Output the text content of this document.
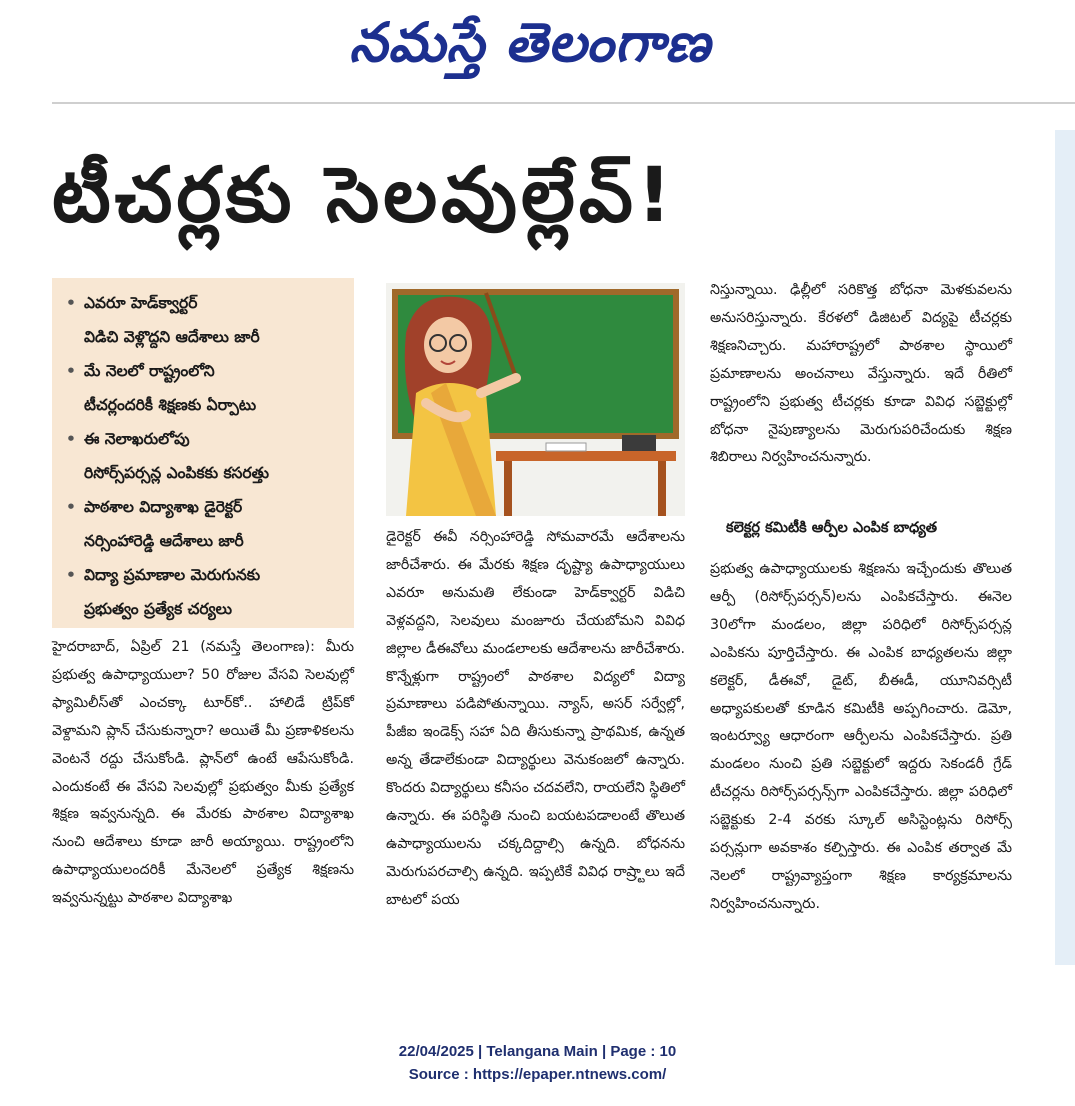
నమస్తే తెలంగాణ
టీచర్లకు సెలవుల్లేవ్‌!
• ఎవరూ హెడ్‌క్వార్టర్‌
విడిచి వెళ్లొద్దని ఆదేశాలు జారీ
• మే నెలలో రాష్ట్రంలోని
టీచర్లందరికీ శిక్షణకు ఏర్పాటు
• ఈ నెలాఖరులోపు
రిసోర్స్‌పర్సన్ల ఎంపికకు కసరత్తు
• పాఠశాల విద్యాశాఖ డైరెక్టర్‌
నర్సింహారెడ్డి ఆదేశాలు జారీ
• విద్యా ప్రమాణాల మెరుగునకు
ప్రభుత్వం ప్రత్యేక చర్యలు

హైదరాబాద్‌, ఏప్రిల్‌ 21 (నమస్తే తెలంగాణ): మీరు ప్రభుత్వ ఉపాధ్యాయులా? 50 రోజుల వేసవి సెలవుల్లో ఫ్యామిలీస్‌తో ఎంచక్కా టూర్‌కో.. హాలిడే ట్రిప్‌కో వెళ్దామని ప్లాన్‌ చేసుకున్నారా? అయితే మీ ప్రణాళికలను వెంటనే రద్దు చేసుకోండి. ప్లాన్‌లో ఉంటే ఆపేసుకోండి. ఎందుకంటే ఈ వేసవి సెలవుల్లో ప్రభుత్వం మీకు ప్రత్యేక శిక్షణ ఇవ్వనున్నది. ఈ మేరకు పాఠశాల విద్యాశాఖ నుంచి ఆదేశాలు కూడా జారీ అయ్యాయి. రాష్ట్రంలోని ఉపాధ్యాయులందరికీ మేనెలలో ప్రత్యేక శిక్షణను ఇవ్వనున్నట్టు పాఠశాల విద్యాశాఖ

డైరెక్టర్‌ ఈవీ నర్సింహారెడ్డి సోమవారమే ఆదేశాలను జారీచేశారు. ఈ మేరకు శిక్షణ దృష్ట్యా ఉపాధ్యాయులు ఎవరూ అనుమతి లేకుండా హెడ్‌క్వార్టర్‌ విడిచి వెళ్లవద్దని, సెలవులు మంజూరు చేయబోమని వివిధ జిల్లాల డీఈవోలు మండలాలకు ఆదేశాలను జారీచేశారు. కొన్నేళ్లుగా రాష్ట్రంలో పాఠశాల విద్యలో విద్యా ప్రమాణాలు పడిపోతున్నాయి. న్యాస్‌, అసర్‌ సర్వేల్లో, పీజీఐ ఇండెక్స్‌ సహా ఏది తీసుకున్నా ప్రాథమిక, ఉన్నత అన్న తేడాలేకుండా విద్యార్థులు వెనుకంజలో ఉన్నారు. కొందరు విద్యార్థులు కనీసం చదవలేని, రాయలేని స్థితిలో ఉన్నారు. ఈ పరిస్థితి నుంచి బయటపడాలంటే తొలుత ఉపాధ్యాయులను చక్కదిద్దాల్సి ఉన్నది. బోధనను మెరుగుపరచాల్సి ఉన్నది. ఇప్పటికే వివిధ రాష్ర్టాలు ఇదే బాటలో పయ

నిస్తున్నాయి. ఢిల్లీలో సరికొత్త బోధనా మెళకువలను అనుసరిస్తున్నారు. కేరళలో డిజిటల్‌ విద్యపై టీచర్లకు శిక్షణనిచ్చారు. మహారాష్ట్రలో పాఠశాల స్థాయిలో ప్రమాణాలను అంచనాలు వేస్తున్నారు. ఇదే రీతిలో రాష్ట్రంలోని ప్రభుత్వ టీచర్లకు కూడా వివిధ సబ్జెక్టుల్లో బోధనా నైపుణ్యాలను మెరుగుపరిచేందుకు శిక్షణ శిబిరాలు నిర్వహించనున్నారు.

కలెక్టర్ల కమిటీకి ఆర్పీల ఎంపిక బాధ్యత

ప్రభుత్వ ఉపాధ్యాయులకు శిక్షణను ఇచ్చేందుకు తొలుత ఆర్పీ (రిసోర్స్‌పర్సన్‌)లను ఎంపికచేస్తారు. ఈనెల 30లోగా మండలం, జిల్లా పరిధిలో రిసోర్స్‌పర్సన్ల ఎంపికను పూర్తిచేస్తారు. ఈ ఎంపిక బాధ్యతలను జిల్లా కలెక్టర్‌, డీఈవో, డైట్‌, బీఈడీ, యూనివర్సిటీ అధ్యాపకులతో కూడిన కమిటీకి అప్పగించారు. డెమో, ఇంటర్వ్యూ ఆధారంగా ఆర్పీలను ఎంపికచేస్తారు. ప్రతి మండలం నుంచి ప్రతి సబ్జెక్టులో ఇద్దరు సెకండరీ గ్రేడ్‌ టీచర్లను రిసోర్స్‌పర్సన్స్‌గా ఎంపికచేస్తారు. జిల్లా పరిధిలో సబ్జెక్టుకు 2-4 వరకు స్కూల్‌ అసిస్టెంట్లను రిసోర్స్‌ పర్సన్లుగా అవకాశం కల్పిస్తారు. ఈ ఎంపిక తర్వాత మే నెలలో రాష్ట్రవ్యాప్తంగా శిక్షణ కార్యక్రమాలను నిర్వహించనున్నారు.

22/04/2025 | Telangana Main | Page : 10
Source : https://epaper.ntnews.com/
